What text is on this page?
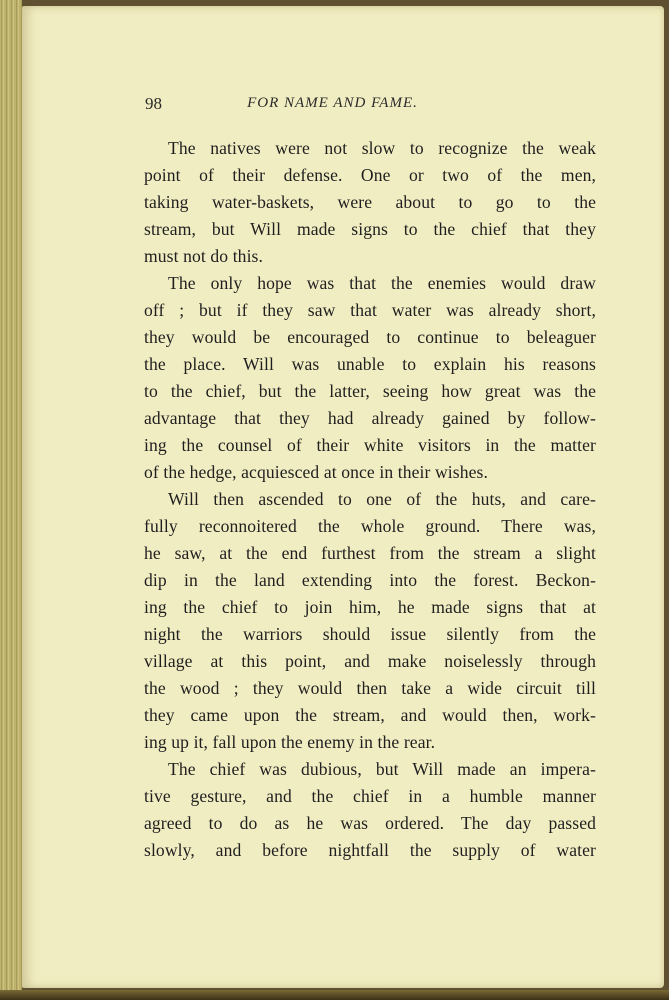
98	FOR NAME AND FAME.
The natives were not slow to recognize the weak
point of their defense. One or two of the men,
taking water-baskets, were about to go to the
stream, but Will made signs to the chief that they
must not do this.
The only hope was that the enemies would draw
off ; but if they saw that water was already short,
they would be encouraged to continue to beleaguer
the place. Will was unable to explain his reasons
to the chief, but the latter, seeing how great was the
advantage that they had already gained by follow-
ing the counsel of their white visitors in the matter
of the hedge, acquiesced at once in their wishes.
Will then ascended to one of the huts, and care-
fully reconnoitered the whole ground. There was,
he saw, at the end furthest from the stream a slight
dip in the land extending into the forest. Beckon-
ing the chief to join him, he made signs that at
night the warriors should issue silently from the
village at this point, and make noiselessly through
the wood ; they would then take a wide circuit till
they came upon the stream, and would then, work-
ing up it, fall upon the enemy in the rear.
The chief was dubious, but Will made an impera-
tive gesture, and the chief in a humble manner
agreed to do as he was ordered. The day passed
slowly, and before nightfall the supply of water
